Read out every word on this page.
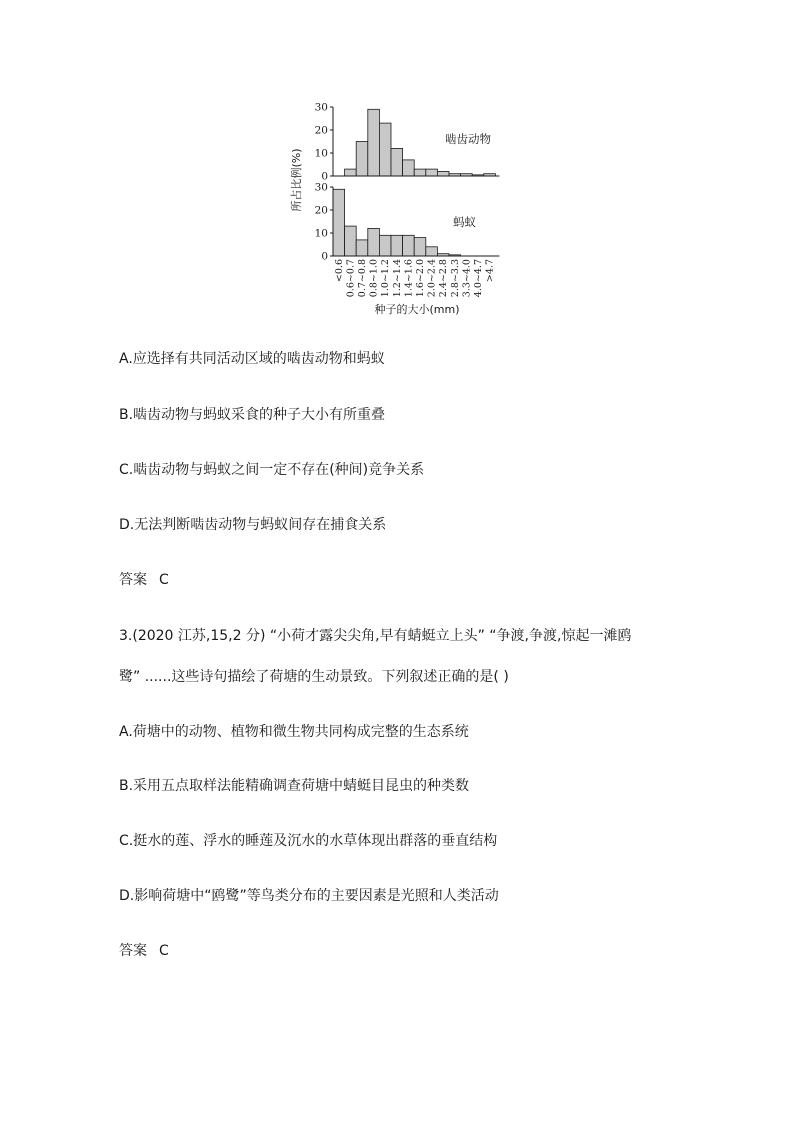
0
10
20
30
啮齿动物
0
10
20
30
蚂蚁
<0.6 0.6~0.7 0.7~0.8 0.8~1.0 1.0~1.2 1.2~1.4 1.4~1.6 1.6~2.0 2.0~2.4 2.4~2.8 2.8~3.3 3.3~4.0 4.0~4.7 >4.7
种子的大小(mm)
所占比例(%)
A.应选择有共同活动区域的啮齿动物和蚂蚁
B.啮齿动物与蚂蚁采食的种子大小有所重叠
C.啮齿动物与蚂蚁之间一定不存在(种间)竞争关系
D.无法判断啮齿动物与蚂蚁间存在捕食关系
答案 C
3.(2020 江苏,15,2 分) “小荷才露尖尖角,早有蜻蜓立上头” “争渡,争渡,惊起一滩鸥
鹭” ......这些诗句描绘了荷塘的生动景致。下列叙述正确的是( )
A.荷塘中的动物、植物和微生物共同构成完整的生态系统
B.采用五点取样法能精确调查荷塘中蜻蜓目昆虫的种类数
C.挺水的莲、浮水的睡莲及沉水的水草体现出群落的垂直结构
D.影响荷塘中“鸥鹭”等鸟类分布的主要因素是光照和人类活动
答案 C
